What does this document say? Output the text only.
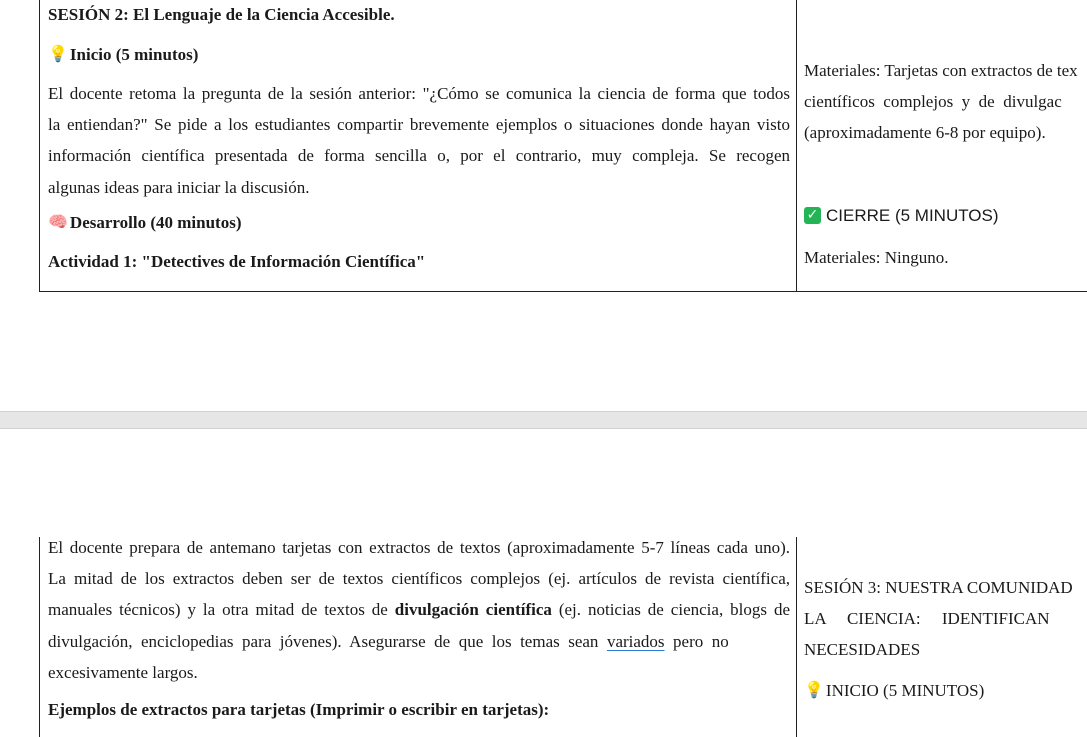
SESIÓN 2: El Lenguaje de la Ciencia Accesible.

💡 Inicio (5 minutos)

El docente retoma la pregunta de la sesión anterior: "¿Cómo se comunica la ciencia de forma que todos

la entiendan?" Se pide a los estudiantes compartir brevemente ejemplos o situaciones donde hayan visto

información científica presentada de forma sencilla o, por el contrario, muy compleja. Se recogen

algunas ideas para iniciar la discusión.

🧠 Desarrollo (40 minutos)

Actividad 1: "Detectives de Información Científica"

Materiales: Tarjetas con extractos de tex

científicos  complejos  y  de  divulgac

(aproximadamente 6-8 por equipo).

✓ CIERRE (5 MINUTOS)

Materiales: Ninguno.

El docente prepara de antemano tarjetas con extractos de textos (aproximadamente 5-7 líneas cada uno).

La mitad de los extractos deben ser de textos científicos complejos (ej. artículos de revista científica,

manuales técnicos) y la otra mitad de textos de divulgación científica (ej. noticias de ciencia, blogs de

divulgación,  enciclopedias  para  jóvenes).  Asegurarse  de  que  los  temas  sean  variados  pero  no

excesivamente largos.

Ejemplos de extractos para tarjetas (Imprimir o escribir en tarjetas):

SESIÓN 3: NUESTRA COMUNIDAD

LA     CIENCIA:     IDENTIFICAN

NECESIDADES

💡 INICIO (5 MINUTOS)
